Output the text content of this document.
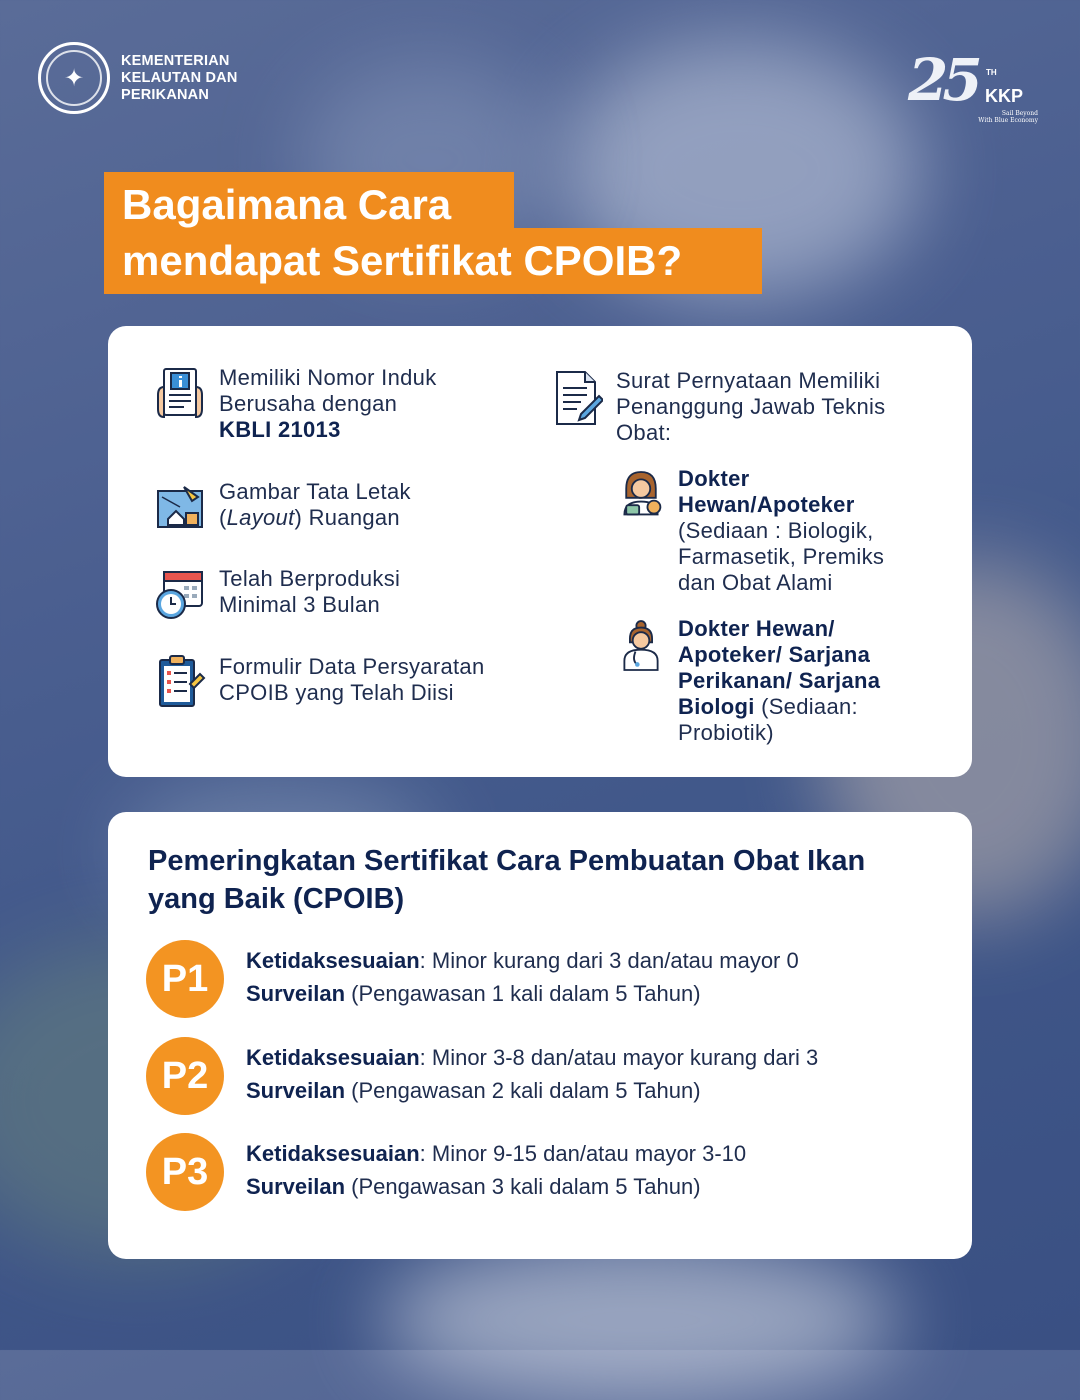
✦
KEMENTERIAN
KELAUTAN DAN
PERIKANAN	25 TH
KKP
Sail Beyond
With Blue Economy
Bagaimana Cara
mendapat Sertifikat CPOIB?
Memiliki Nomor Induk Berusaha dengan
KBLI 21013
Gambar Tata Letak
(Layout) Ruangan
Telah Berproduksi Minimal 3 Bulan
Formulir Data Persyaratan CPOIB yang Telah Diisi
Surat Pernyataan Memiliki Penanggung Jawab Teknis Obat:
Dokter Hewan/Apoteker
(Sediaan : Biologik, Farmasetik, Premiks dan Obat Alami
Dokter Hewan/ Apoteker/ Sarjana Perikanan/ Sarjana Biologi (Sediaan: Probiotik)
Pemeringkatan Sertifikat Cara Pembuatan Obat Ikan yang Baik (CPOIB)
P1	Ketidaksesuaian: Minor kurang dari 3 dan/atau mayor 0
Surveilan (Pengawasan 1 kali dalam 5 Tahun)
P2	Ketidaksesuaian: Minor 3-8 dan/atau mayor kurang dari 3
Surveilan (Pengawasan 2 kali dalam 5 Tahun)
P3	Ketidaksesuaian: Minor 9-15 dan/atau mayor 3-10
Surveilan (Pengawasan 3 kali dalam 5 Tahun)
